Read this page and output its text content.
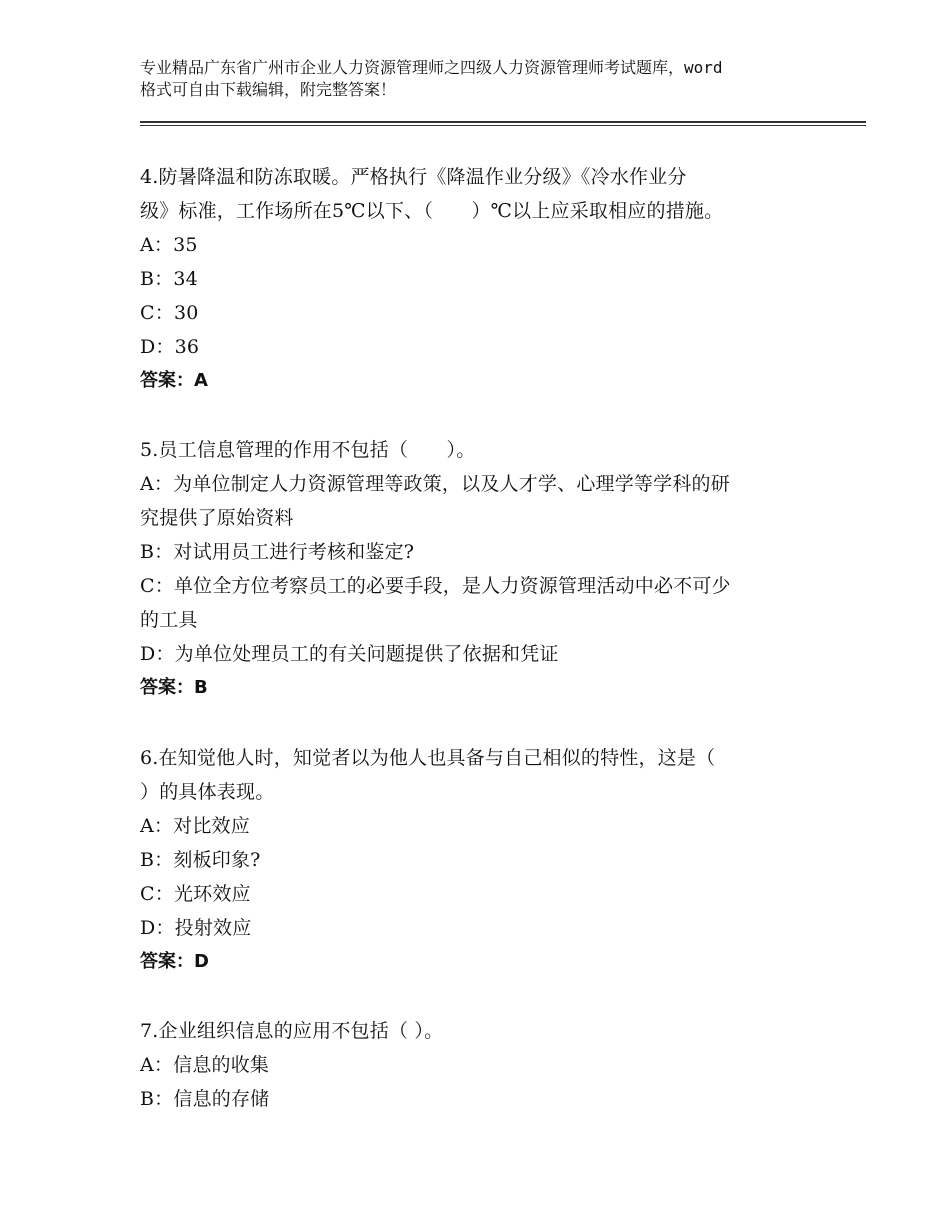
专业精品广东省广州市企业人力资源管理师之四级人力资源管理师考试题库，word
格式可自由下载编辑，附完整答案！
4.防暑降温和防冻取暖。严格执行《降温作业分级》《冷水作业分
级》标准，工作场所在5℃以下、（　　）℃以上应采取相应的措施。
A：35
B：34
C：30
D：36
答案：A
5.员工信息管理的作用不包括（　　）。
A：为单位制定人力资源管理等政策，以及人才学、心理学等学科的研
究提供了原始资料
B：对试用员工进行考核和鉴定?
C：单位全方位考察员工的必要手段，是人力资源管理活动中必不可少
的工具
D：为单位处理员工的有关问题提供了依据和凭证
答案：B
6.在知觉他人时，知觉者以为他人也具备与自己相似的特性，这是（
）的具体表现。
A：对比效应
B：刻板印象?
C：光环效应
D：投射效应
答案：D
7.企业组织信息的应用不包括（ ）。
A：信息的收集
B：信息的存储
